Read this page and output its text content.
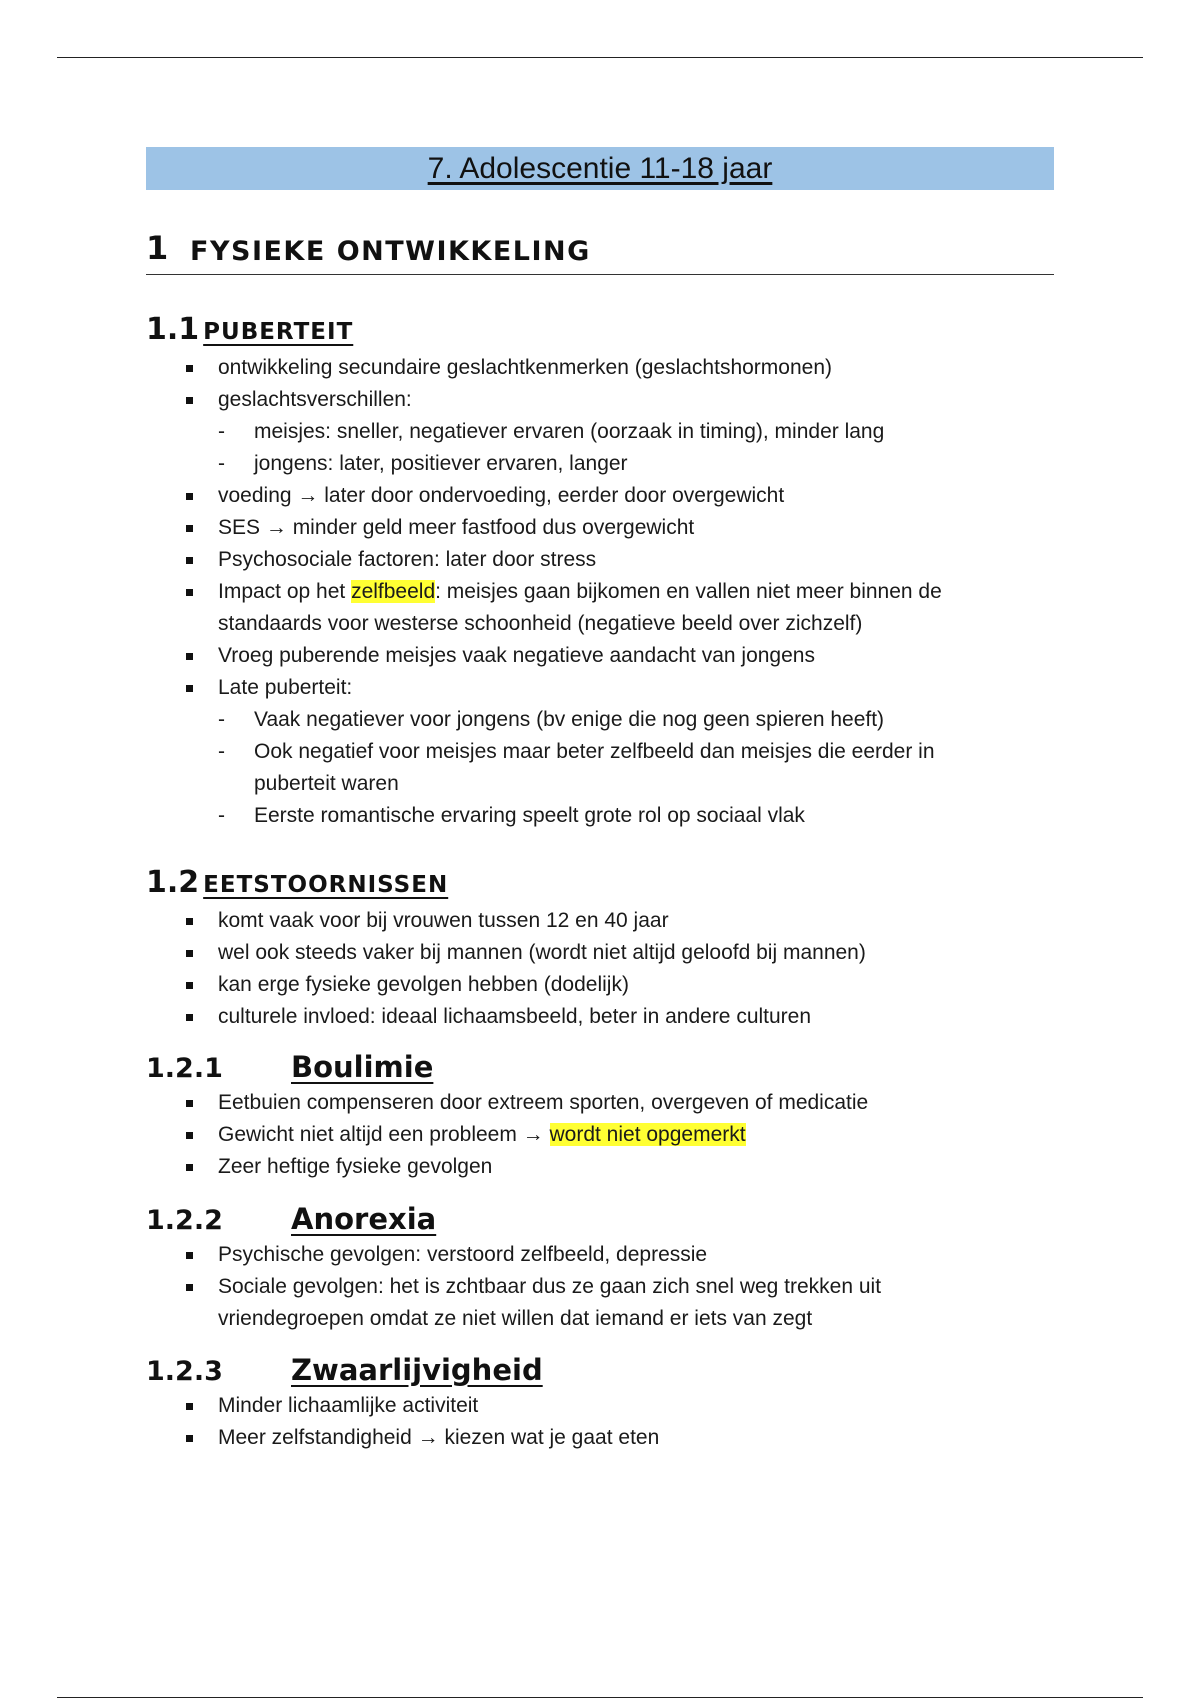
7. Adolescentie 11-18 jaar
1 FYSIEKE ONTWIKKELING
1.1 PUBERTEIT
ontwikkeling secundaire geslachtkenmerken (geslachtshormonen)
geslachtsverschillen:
- meisjes: sneller, negatiever ervaren (oorzaak in timing), minder lang
- jongens: later, positiever ervaren, langer
voeding → later door ondervoeding, eerder door overgewicht
SES → minder geld meer fastfood dus overgewicht
Psychosociale factoren: later door stress
Impact op het zelfbeeld: meisjes gaan bijkomen en vallen niet meer binnen de standaards voor westerse schoonheid (negatieve beeld over zichzelf)
Vroeg puberende meisjes vaak negatieve aandacht van jongens
Late puberteit:
- Vaak negatiever voor jongens (bv enige die nog geen spieren heeft)
- Ook negatief voor meisjes maar beter zelfbeeld dan meisjes die eerder in puberteit waren
- Eerste romantische ervaring speelt grote rol op sociaal vlak
1.2 EETSTOORNISSEN
komt vaak voor bij vrouwen tussen 12 en 40 jaar
wel ook steeds vaker bij mannen (wordt niet altijd geloofd bij mannen)
kan erge fysieke gevolgen hebben (dodelijk)
culturele invloed: ideaal lichaamsbeeld, beter in andere culturen
1.2.1 Boulimie
Eetbuien compenseren door extreem sporten, overgeven of medicatie
Gewicht niet altijd een probleem → wordt niet opgemerkt
Zeer heftige fysieke gevolgen
1.2.2 Anorexia
Psychische gevolgen: verstoord zelfbeeld, depressie
Sociale gevolgen: het is zchtbaar dus ze gaan zich snel weg trekken uit vriendegroepen omdat ze niet willen dat iemand er iets van zegt
1.2.3 Zwaarlijvigheid
Minder lichaamlijke activiteit
Meer zelfstandigheid → kiezen wat je gaat eten
